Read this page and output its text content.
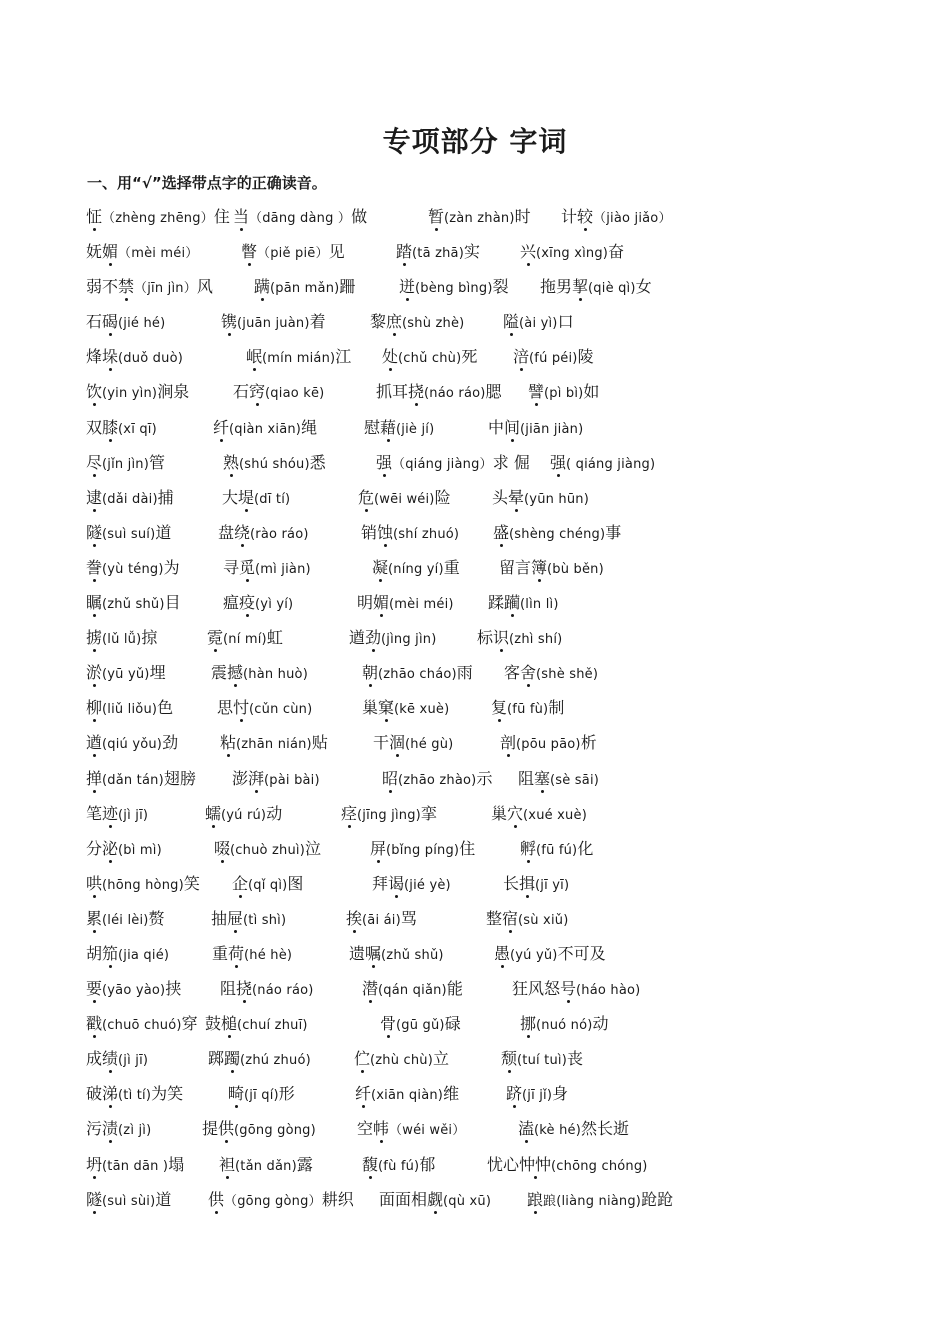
专项部分 字词
一、用“√”选择带点字的正确读音。
怔（zhèng zhēng）住 当（dāng dàng ）做	暂(zàn zhàn)时 计较（jiào jiǎo）
妩媚（mèi méi）	瞥（piě piē）见	踏(tā zhā)实	兴(xīng xìng)奋
弱不禁（jīn jìn）风	蹒(pān mǎn)跚	迸(bèng bìng)裂 拖男挈(qiè qì)女
石碣(jié hé)	镌(juān juàn)着	黎庶(shù zhè) 隘(ài yì)口
烽垛(duǒ duò)	岷(mín mián)江 处(chǔ chù)死 涪(fú péi)陵
饮(yin yìn)涧泉	石窍(qiao kē)	抓耳挠(náo ráo)腮 譬(pì bì)如
双膝(xī qī)	纤(qiàn xiān)绳	慰藉(jiè jí)	中间(jiān jiàn)
尽(jǐn jìn)管	熟(shú shóu)悉	强（qiáng jiàng）求 倔 强( qiáng jiàng)
逮(dǎi dài)捕	大堤(dī tí)	危(wēi wéi)险	头晕(yūn hūn)
隧(suì suí)道	盘绕(rào ráo)	销蚀(shí zhuó) 盛(shèng chéng)事
誊(yù téng)为	寻觅(mì jiàn)	凝(níng yí)重 留言簿(bù běn)
瞩(zhǔ shǔ)目	瘟疫(yì yí)	明媚(mèi méi) 蹂躏(lìn lì)
掳(lǔ lǚ)掠	霓(ní mí)虹	遒劲(jìng jìn)	标识(zhì shí)
淤(yū yǔ)埋	震撼(hàn huò)	朝(zhāo cháo)雨 客舍(shè shě)
柳(liǔ liǒu)色	思忖(cǔn cùn)	巢窠(kē xuè)	复(fū fù)制
遒(qiú yǒu)劲	粘(zhān nián)贴	干涸(hé gù)	剖(pōu pāo)析
掸(dǎn tán)翅膀 澎湃(pài bài)	昭(zhāo zhào)示 阻塞(sè sāi)
笔迹(jì jī)	蠕(yú rú)动	痉(jīng jìng)挛	巢穴(xué xuè)
分泌(bì mì)	啜(chuò zhuì)泣	屏(bǐng píng)住	孵(fū fú)化
哄(hōng hòng)笑 企(qǐ qì)图	拜谒(jié yè)	长揖(jī yī)
累(léi lèi)赘	抽屉(tì shì)	挨(āi ái)骂	整宿(sù xiǔ)
胡笳(jia qié)	重荷(hé hè)	遗嘱(zhǔ shǔ)	愚(yú yǔ)不可及
要(yāo yào)挟 阻挠(náo ráo)	潜(qán qiǎn)能	狂风怒号(háo hào)
戳(chuō chuó)穿 鼓槌(chuí zhuī)	骨(gū gǔ)碌	挪(nuó nó)动
成绩(jì jī)	踯躅(zhú zhuó)	伫(zhù chù)立	颓(tuí tuì)丧
破涕(tì tí)为笑	畸(jī qí)形	纤(xiān qiàn)维	跻(jī jǐ)身
污渍(zì jì)	提供(gōng gòng)	空帏（wéi wěi）	溘(kè hé)然长逝
坍(tān dān )塌 袒(tǎn dǎn)露	馥(fù fú)郁	忧心忡忡(chōng chóng)
隧(suì sùi)道 供（gōng gòng）耕织 面面相觑(qù xū) 踉踉(liàng niàng)跄跄
